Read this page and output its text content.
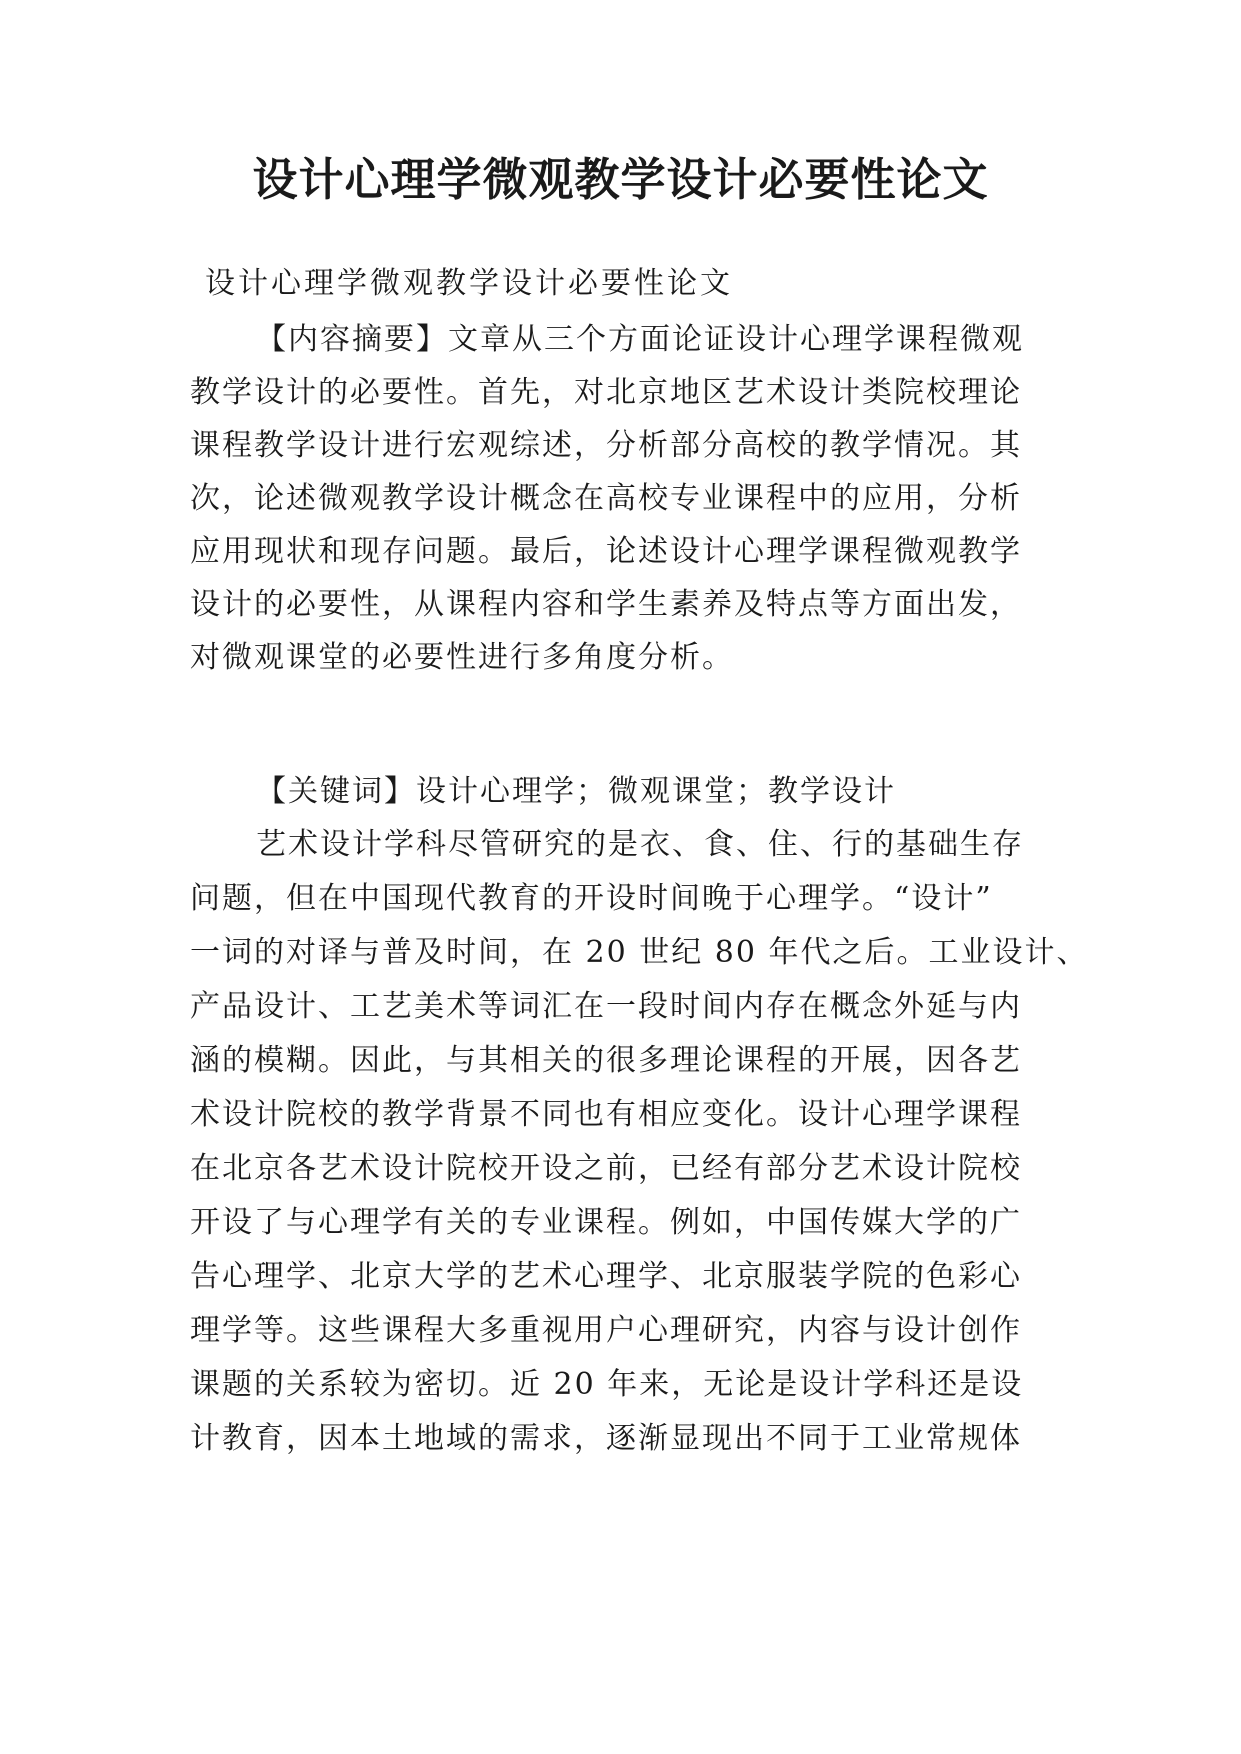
设计心理学微观教学设计必要性论文

设计心理学微观教学设计必要性论文

【内容摘要】文章从三个方面论证设计心理学课程微观

教学设计的必要性。首先，对北京地区艺术设计类院校理论

课程教学设计进行宏观综述，分析部分高校的教学情况。其

次，论述微观教学设计概念在高校专业课程中的应用，分析

应用现状和现存问题。最后，论述设计心理学课程微观教学

设计的必要性，从课程内容和学生素养及特点等方面出发，

对微观课堂的必要性进行多角度分析。

【关键词】设计心理学；微观课堂；教学设计

艺术设计学科尽管研究的是衣、食、住、行的基础生存

问题，但在中国现代教育的开设时间晚于心理学。“设计”

一词的对译与普及时间，在 20 世纪 80 年代之后。工业设计、

产品设计、工艺美术等词汇在一段时间内存在概念外延与内

涵的模糊。因此，与其相关的很多理论课程的开展，因各艺

术设计院校的教学背景不同也有相应变化。设计心理学课程

在北京各艺术设计院校开设之前，已经有部分艺术设计院校

开设了与心理学有关的专业课程。例如，中国传媒大学的广

告心理学、北京大学的艺术心理学、北京服装学院的色彩心

理学等。这些课程大多重视用户心理研究，内容与设计创作

课题的关系较为密切。近 20 年来，无论是设计学科还是设

计教育，因本土地域的需求，逐渐显现出不同于工业常规体
